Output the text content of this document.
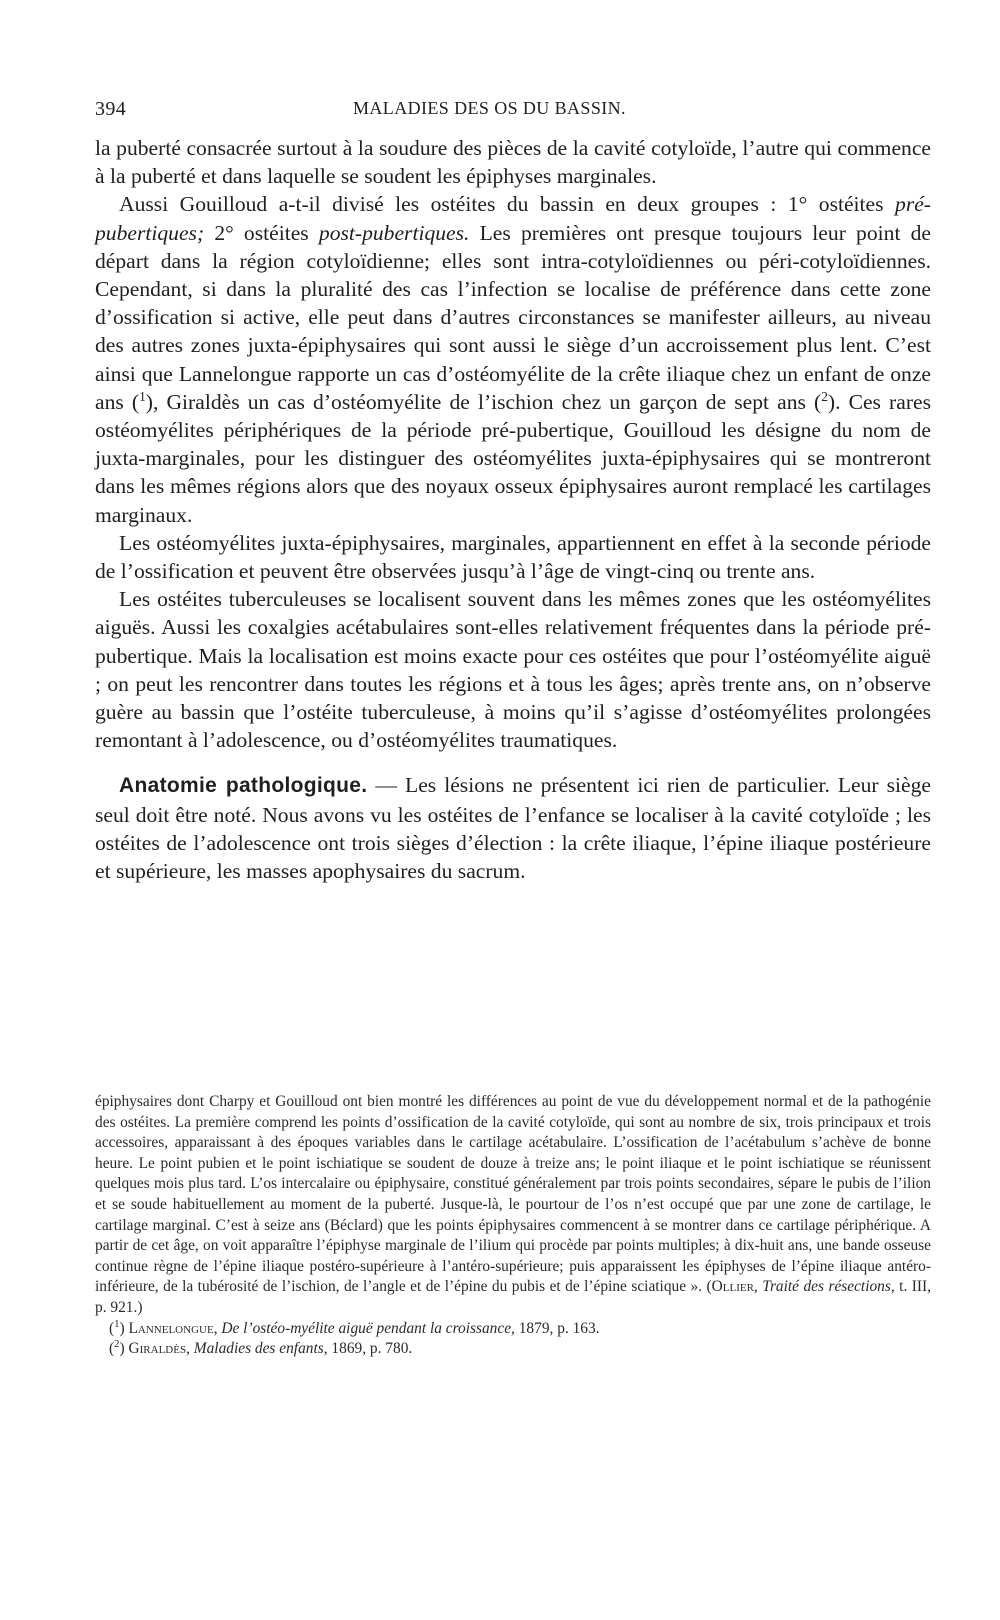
394	MALADIES DES OS DU BASSIN.

la puberté consacrée surtout à la soudure des pièces de la cavité cotyloïde, l’autre qui commence à la puberté et dans laquelle se soudent les épiphyses marginales.

Aussi Gouilloud a-t-il divisé les ostéites du bassin en deux groupes : 1° ostéites pré-pubertiques; 2° ostéites post-pubertiques. Les premières ont presque toujours leur point de départ dans la région cotyloïdienne; elles sont intra-cotyloïdiennes ou péri-cotyloïdiennes. Cependant, si dans la pluralité des cas l’infection se localise de préférence dans cette zone d’ossification si active, elle peut dans d’autres circonstances se manifester ailleurs, au niveau des autres zones juxta-épiphysaires qui sont aussi le siège d’un accroissement plus lent. C’est ainsi que Lannelongue rapporte un cas d’ostéomyélite de la crête iliaque chez un enfant de onze ans ($^1$), Giraldès un cas d’ostéomyélite de l’ischion chez un garçon de sept ans ($^2$). Ces rares ostéomyélites périphériques de la période pré-pubertique, Gouilloud les désigne du nom de juxta-marginales, pour les distinguer des ostéomyélites juxta-épiphysaires qui se montreront dans les mêmes régions alors que des noyaux osseux épiphysaires auront remplacé les cartilages marginaux.

Les ostéomyélites juxta-épiphysaires, marginales, appartiennent en effet à la seconde période de l’ossification et peuvent être observées jusqu’à l’âge de vingt-cinq ou trente ans.

Les ostéites tuberculeuses se localisent souvent dans les mêmes zones que les ostéomyélites aiguës. Aussi les coxalgies acétabulaires sont-elles relativement fréquentes dans la période pré-pubertique. Mais la localisation est moins exacte pour ces ostéites que pour l’ostéomyélite aiguë ; on peut les rencontrer dans toutes les régions et à tous les âges; après trente ans, on n’observe guère au bassin que l’ostéite tuberculeuse, à moins qu’il s’agisse d’ostéomyélites prolongées remontant à l’adolescence, ou d’ostéomyélites traumatiques.

Anatomie pathologique. — Les lésions ne présentent ici rien de particulier. Leur siège seul doit être noté. Nous avons vu les ostéites de l’enfance se localiser à la cavité cotyloïde ; les ostéites de l’adolescence ont trois sièges d’élection : la crête iliaque, l’épine iliaque postérieure et supérieure, les masses apophysaires du sacrum.

épiphysaires dont Charpy et Gouilloud ont bien montré les différences au point de vue du développement normal et de la pathogénie des ostéites. La première comprend les points d’ossification de la cavité cotyloïde, qui sont au nombre de six, trois principaux et trois accessoires, apparaissant à des époques variables dans le cartilage acétabulaire. L’ossification de l’acétabulum s’achève de bonne heure. Le point pubien et le point ischiatique se soudent de douze à treize ans; le point iliaque et le point ischiatique se réunissent quelques mois plus tard. L’os intercalaire ou épiphysaire, constitué généralement par trois points secondaires, sépare le pubis de l’ilion et se soude habituellement au moment de la puberté. Jusque-là, le pourtour de l’os n’est occupé que par une zone de cartilage, le cartilage marginal. C’est à seize ans (Béclard) que les points épiphysaires commencent à se montrer dans ce cartilage périphérique. A partir de cet âge, on voit apparaître l’épiphyse marginale de l’ilium qui procède par points multiples; à dix-huit ans, une bande osseuse continue règne de l’épine iliaque postéro-supérieure à l’antéro-supérieure; puis apparaissent les épiphyses de l’épine iliaque antéro-inférieure, de la tubérosité de l’ischion, de l’angle et de l’épine du pubis et de l’épine sciatique ». (Ollier, Traité des résections, t. III, p. 921.)

($^1$) Lannelongue, De l’ostéo-myélite aiguë pendant la croissance, 1879, p. 163.

($^2$) Giraldès, Maladies des enfants, 1869, p. 780.
